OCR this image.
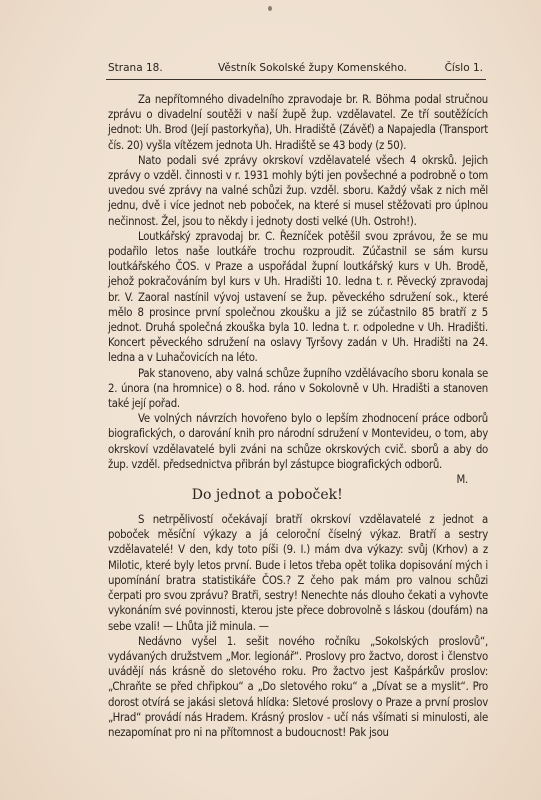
Strana 18.	Věstník Sokolské župy Komenského.	Číslo 1.

Za nepřítomného divadelního zpravodaje br. R. Böhma podal stručnou zprávu o divadelní soutěži v naší župě žup. vzdělavatel. Ze tří soutěžících jednot: Uh. Brod (Její pastorkyňa), Uh. Hradiště (Závěť) a Napajedla (Transport čís. 20) vyšla vítězem jednota Uh. Hradiště se 43 body (z 50).

Nato podali své zprávy okrskoví vzdělavatelé všech 4 okrsků. Jejich zprávy o vzděl. činnosti v r. 1931 mohly býti jen povšechné a podrobně o tom uvedou své zprávy na valné schůzi žup. vzděl. sboru. Každý však z nich měl jednu, dvě i více jednot neb poboček, na které si musel stěžovati pro úplnou nečinnost. Žel, jsou to někdy i jednoty dosti velké (Uh. Ostroh!).

Loutkářský zpravodaj br. C. Řezníček potěšil svou zprávou, že se mu podařilo letos naše loutkáře trochu rozproudit. Zúčastnil se sám kursu loutkářského ČOS. v Praze a uspořádal župní loutkářský kurs v Uh. Brodě, jehož pokračováním byl kurs v Uh. Hradišti 10. ledna t. r. Pěvecký zpravodaj br. V. Zaoral nastínil vývoj ustavení se žup. pěveckého sdružení sok., které mělo 8 prosince první společnou zkoušku a již se zúčastnilo 85 bratří z 5 jednot. Druhá společná zkouška byla 10. ledna t. r. odpoledne v Uh. Hradišti. Koncert pěveckého sdružení na oslavy Tyršovy zadán v Uh. Hradišti na 24. ledna a v Luhačovicích na léto.

Pak stanoveno, aby valná schůze župního vzdělávacího sboru konala se 2. února (na hromnice) o 8. hod. ráno v Sokolovně v Uh. Hradišti a stanoven také její pořad.

Ve volných návrzích hovořeno bylo o lepším zhodnocení práce odborů biografických, o darování knih pro národní sdružení v Montevideu, o tom, aby okrskoví vzdělavatelé byli zváni na schůze okrskových cvič. sborů a aby do žup. vzděl. předsednictva přibrán byl zástupce biografických odborů.
M.

Do jednot a poboček!

S netrpělivostí očekávají bratří okrskoví vzdělavatelé z jednot a poboček měsíční výkazy a já celoroční číselný výkaz. Bratří a sestry vzdělavatelé! V den, kdy toto píši (9. I.) mám dva výkazy: svůj (Krhov) a z Milotic, které byly letos první. Bude i letos třeba opět tolika dopisování mých i upomínání bratra statistikáře ČOS.? Z čeho pak mám pro valnou schůzi čerpati pro svou zprávu? Bratři, sestry! Nenechte nás dlouho čekati a vyhovte vykonáním své povinnosti, kterou jste přece dobrovolně s láskou (doufám) na sebe vzali! — Lhůta již minula. —

Nedávno vyšel 1. sešit nového ročníku „Sokolských proslovů“, vydávaných družstvem „Mor. legionář“. Proslovy pro žactvo, dorost i členstvo uvádějí nás krásně do sletového roku. Pro žactvo jest Kašpárkův proslov: „Chraňte se před chřipkou“ a „Do sletového roku“ a „Dívat se a myslit“. Pro dorost otvírá se jakási sletová hlídka: Sletové proslovy o Praze a první proslov „Hrad“ provádí nás Hradem. Krásný proslov - učí nás všímati si minulosti, ale nezapomínat pro ni na přítomnost a budoucnost! Pak jsou
